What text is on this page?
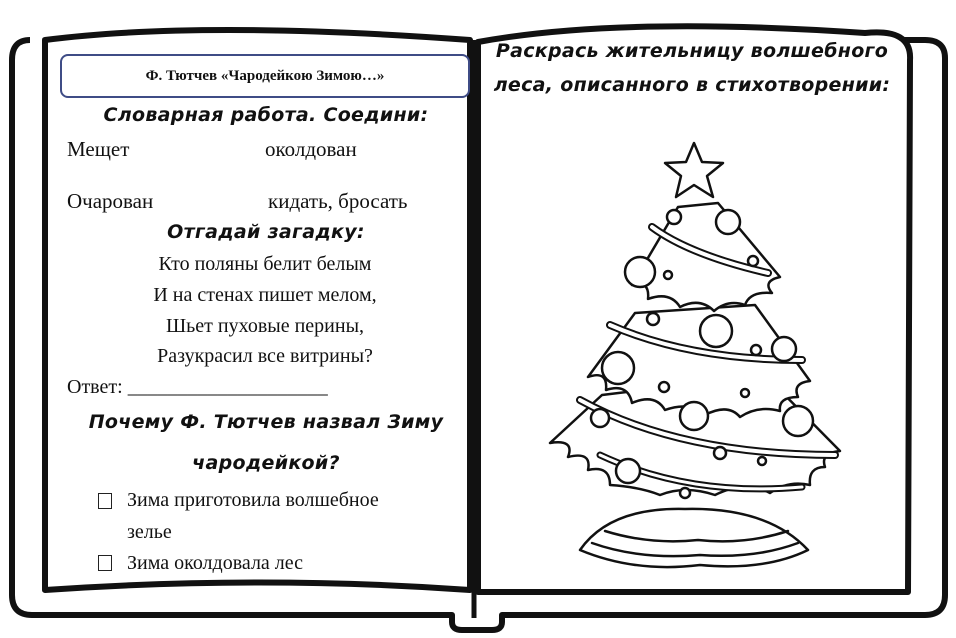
Ф. Тютчев «Чародейкою Зимою…»
Словарная работа. Соедини:
Мещет	околдован
Очарован	кидать, бросать
Отгадай загадку:
Кто поляны белит белым
И на стенах пишет мелом,
Шьет пуховые перины,
Разукрасил все витрины?
Ответ: ____________________
Почему Ф. Тютчев назвал Зиму
чародейкой?
Зима приготовила волшебное
зелье
Зима околдовала лес
Раскрась жительницу волшебного
леса, описанного в стихотворении:
